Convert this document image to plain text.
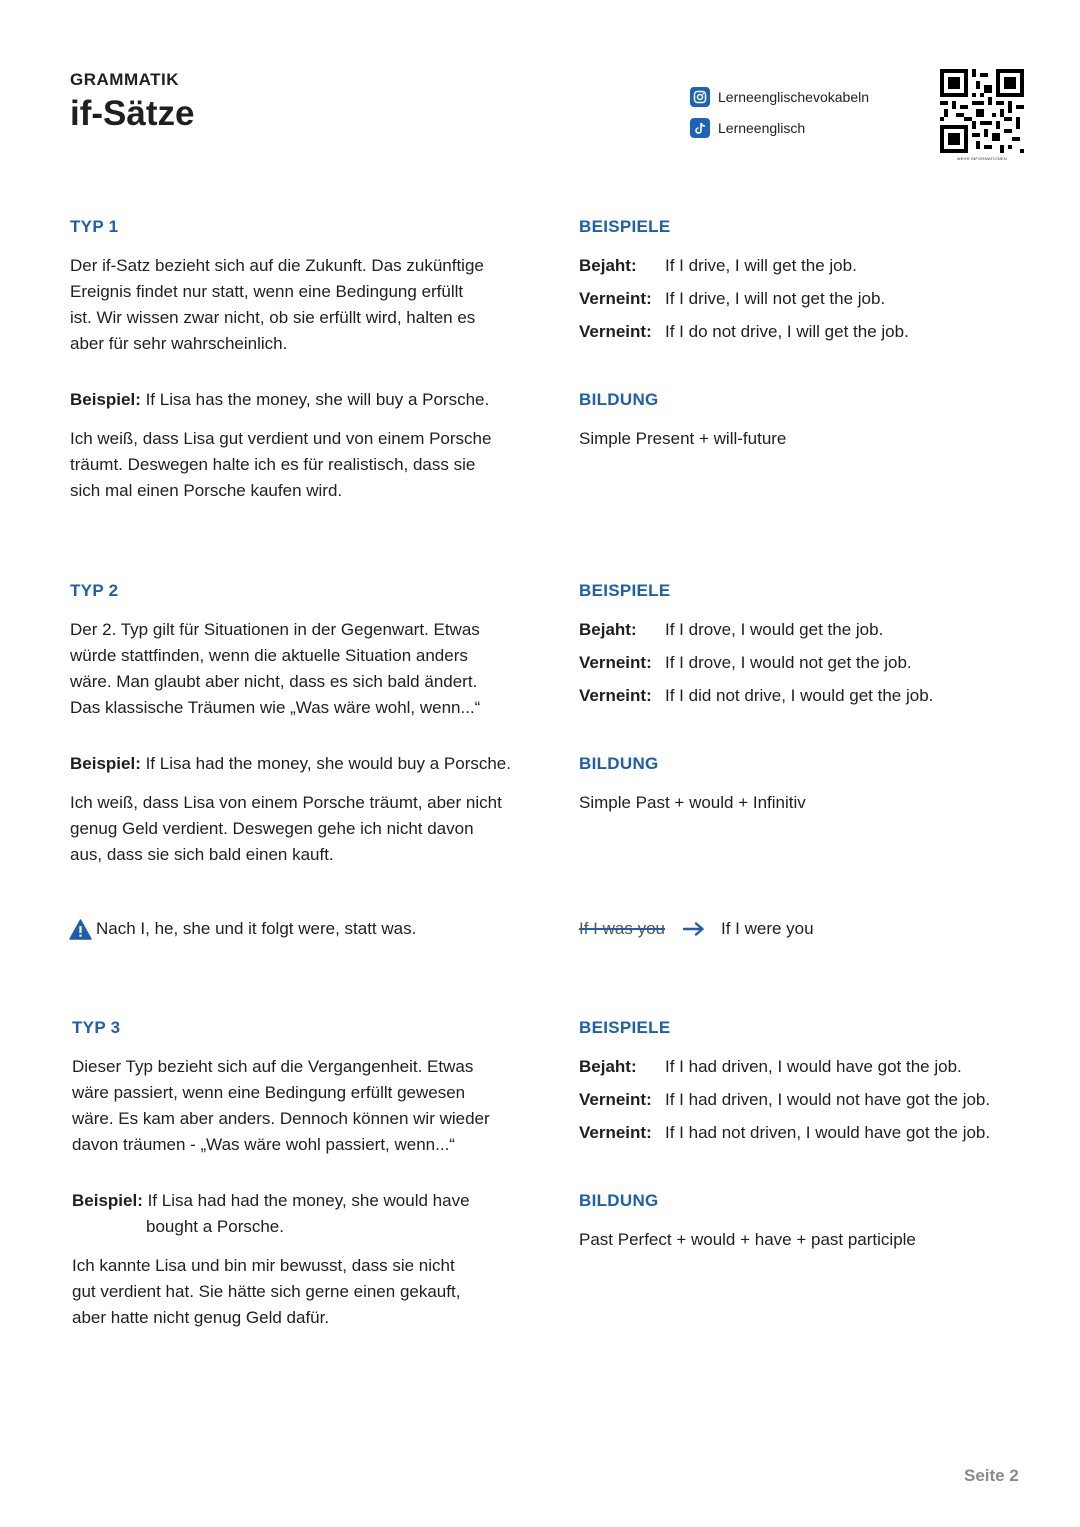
GRAMMATIK
if-Sätze	Lerneenglischevokabeln
Lerneenglisch
MEHR INFORMATIONEN
TYP 1
Der if-Satz bezieht sich auf die Zukunft. Das zukünftige
Ereignis findet nur statt, wenn eine Bedingung erfüllt
ist. Wir wissen zwar nicht, ob sie erfüllt wird, halten es
aber für sehr wahrscheinlich.
Beispiel: If Lisa has the money, she will buy a Porsche.
Ich weiß, dass Lisa gut verdient und von einem Porsche
träumt. Deswegen halte ich es für realistisch, dass sie
sich mal einen Porsche kaufen wird.
BEISPIELE
Bejaht:	If I drive, I will get the job.
Verneint: If I drive, I will not get the job.
Verneint: If I do not drive, I will get the job.
BILDUNG
Simple Present + will-future
TYP 2
Der 2. Typ gilt für Situationen in der Gegenwart. Etwas
würde stattfinden, wenn die aktuelle Situation anders
wäre. Man glaubt aber nicht, dass es sich bald ändert.
Das klassische Träumen wie „Was wäre wohl, wenn...“
Beispiel: If Lisa had the money, she would buy a Porsche.
Ich weiß, dass Lisa von einem Porsche träumt, aber nicht
genug Geld verdient. Deswegen gehe ich nicht davon
aus, dass sie sich bald einen kauft.
BEISPIELE
Bejaht:	If I drove, I would get the job.
Verneint: If I drove, I would not get the job.
Verneint: If I did not drive, I would get the job.
BILDUNG
Simple Past + would + Infinitiv
Nach I, he, she und it folgt were, statt was.	If I was you	If I were you
TYP 3
Dieser Typ bezieht sich auf die Vergangenheit. Etwas
wäre passiert, wenn eine Bedingung erfüllt gewesen
wäre. Es kam aber anders. Dennoch können wir wieder
davon träumen - „Was wäre wohl passiert, wenn...“
Beispiel: If Lisa had had the money, she would have
bought a Porsche.
Ich kannte Lisa und bin mir bewusst, dass sie nicht
gut verdient hat. Sie hätte sich gerne einen gekauft,
aber hatte nicht genug Geld dafür.
BEISPIELE
Bejaht:	If I had driven, I would have got the job.
Verneint: If I had driven, I would not have got the job.
Verneint: If I had not driven, I would have got the job.
BILDUNG
Past Perfect + would + have + past participle
Seite 2
